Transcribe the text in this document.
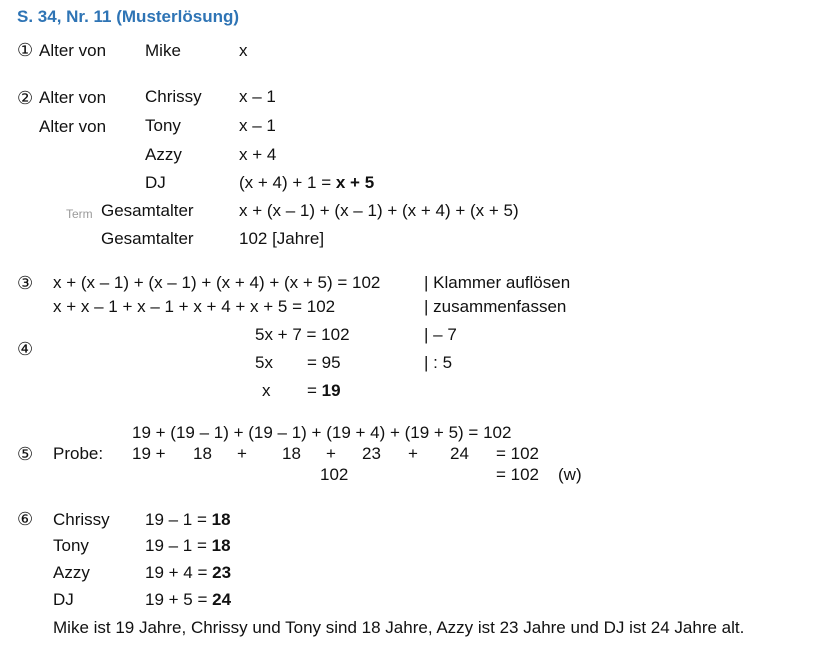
S. 34, Nr. 11 (Musterlösung)
① Alter von Mike	x
② Alter von Chrissy x – 1
Alter von Tony	x – 1
Azzy	x + 4
DJ	(x + 4) + 1 = x + 5
Term Gesamtalter	x + (x – 1) + (x – 1) + (x + 4) + (x + 5)
Gesamtalter	102 [Jahre]
③ x + (x – 1) + (x – 1) + (x + 4) + (x + 5) = 102	| Klammer auflösen
x + x – 1 + x – 1 + x + 4 + x + 5 = 102	| zusammenfassen
④
5x + 7 = 102	| – 7
5x = 95	| : 5
x = 19
19 + (19 – 1) + (19 – 1) + (19 + 4) + (19 + 5) = 102
⑤ Probe: 19 + 18 + 18 + 23 + 24 = 102
102	= 102 (w)
⑥ Chrissy 19 – 1 = 18
Tony	19 – 1 = 18
Azzy	19 + 4 = 23
DJ	19 + 5 = 24
Mike ist 19 Jahre, Chrissy und Tony sind 18 Jahre, Azzy ist 23 Jahre und DJ ist 24 Jahre alt.
